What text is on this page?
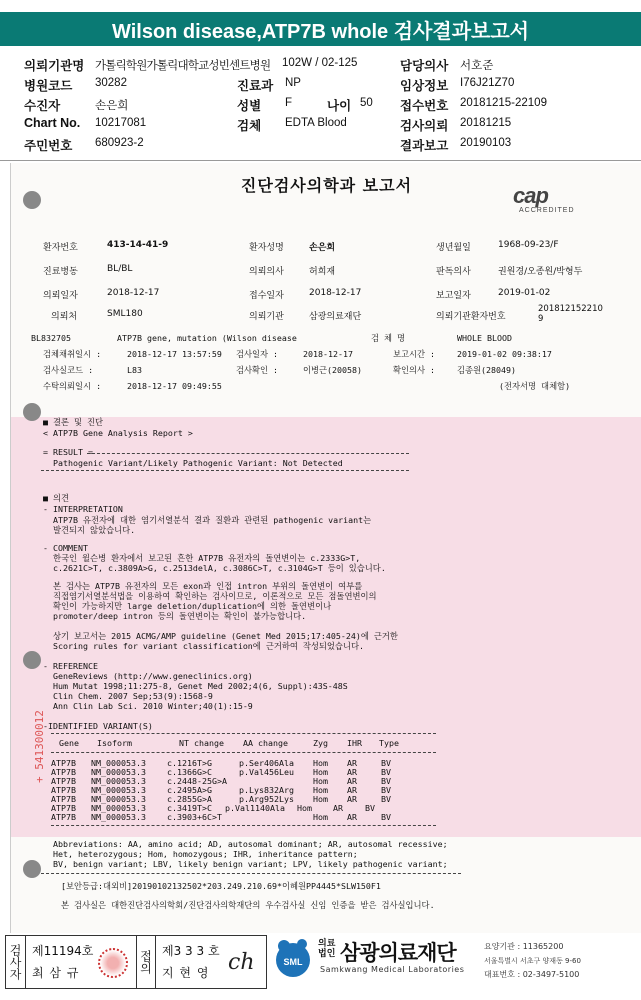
Wilson disease,ATP7B whole 검사결과보고서
의뢰기관명 가톨릭학원가톨릭대학교성빈센트병원 102W / 02-125	담당의사 서호준
병원코드 30282	진료과 NP	임상정보 I76J21Z70
수진자	손은희	성별 F	나이 50 접수번호 20181215-22109
Chart No. 10217081	검체 EDTA Blood	검사의뢰 20181215
주민번호 680923-2	결과보고 20190103
진단검사의학과 보고서	cap
ACCREDITED
환자번호	413-14-41-9	환자성명	손은희	생년월일	1968-09-23/F
진료병동	BL/BL	의뢰의사	허희재	판독의사	권원경/오종원/박형두
의뢰일자	2018-12-17	접수일자	2018-12-17	보고일자	2019-01-02
의뢰처	SML180	의뢰기관	삼광의료재단	의뢰기관환자번호
2018121522109
BL832705	ATP7B gene, mutation (Wilson disease	검 체 명	WHOLE BLOOD
검체채취일시 :	2018-12-17 13:57:59 검사일자 :	2018-12-17	보고시간 :	2019-01-02 09:38:17
검사실코드 :	L83	검사확인 :	이병근(20058)	확인의사 :	김종원(28049)
수탁의뢰일시 :	2018-12-17 09:49:55	(전자서명 대체함)
■ 결론 및 진단
< ATP7B Gene Analysis Report >
= RESULT =
Pathogenic Variant/Likely Pathogenic Variant: Not Detected
■ 의견
- INTERPRETATION
ATP7B 유전자에 대한 염기서열분석 결과 질환과 관련된 pathogenic variant는
발견되지 않았습니다.
- COMMENT
한국인 윌슨병 환자에서 보고된 흔한 ATP7B 유전자의 돌연변이는 c.2333G>T,
c.2621C>T, c.3809A>G, c.2513delA, c.3086C>T, c.3104G>T 등이 있습니다.
본 검사는 ATP7B 유전자의 모든 exon과 인접 intron 부위의 돌연변이 여부를
직접염기서열분석법을 이용하여 확인하는 검사이므로, 이론적으로 모든 점돌연변이의
확인이 가능하지만 large deletion/duplication에 의한 돌연변이나
promoter/deep intron 등의 돌연변이는 확인이 불가능합니다.
상기 보고서는 2015 ACMG/AMP guideline (Genet Med 2015;17:405-24)에 근거한
Scoring rules for variant classification에 근거하여 작성되었습니다.
- REFERENCE
GeneReviews (http://www.geneclinics.org)
Hum Mutat 1998;11:275-8, Genet Med 2002;4(6, Suppl):43S-48S
Clin Chem. 2007 Sep;53(9):1568-9
Ann Clin Lab Sci. 2010 Winter;40(1):15-9
-IDENTIFIED VARIANT(S)
Gene Isoform	NT change AA change	Zyg IHR Type
ATP7B NM_000053.3	c.1216T>G	p.Ser406Ala Hom AR	BV
ATP7B NM_000053.3	c.1366G>C	p.Val456Leu Hom AR	BV
ATP7B NM_000053.3	c.2448-25G>A	Hom AR	BV
ATP7B NM_000053.3	c.2495A>G	p.Lys832Arg Hom AR	BV
ATP7B NM_000053.3	c.2855G>A	p.Arg952Lys Hom AR	BV
ATP7B NM_000053.3	c.3419T>C p.Val1140Ala Hom	AR	BV
ATP7B NM_000053.3	c.3903+6C>T	Hom AR	BV
Abbreviations: AA, amino acid; AD, autosomal dominant; AR, autosomal recessive;
Het, heterozygous; Hom, homozygous; IHR, inheritance pattern;
BV, benign variant; LBV, likely benign variant; LPV, likely pathogenic variant;
[보안등급:대외비]20190102132502*203.249.210.69*이혜원PP4445*SLW150F1
본 검사실은 대한진단검사의학회/진단검사의학재단의 우수검사실 신임 인증을 받은 검사실입니다.
+ 541300012
검사자 제11194호
최 삼 규	접의 제3 3 3 호
지 현 영 ch	SML
의료법인 삼광의료재단
Samkwang Medical Laboratories
요양기관 : 11365200
서울특별시 서초구 양재동 9-60
대표번호 : 02-3497-5100
